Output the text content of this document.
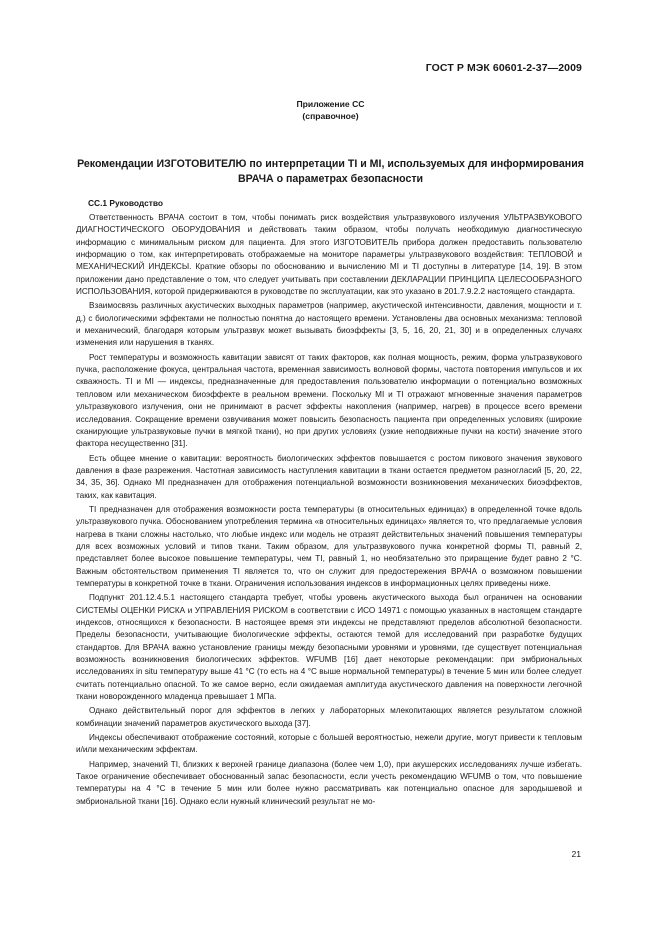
ГОСТ Р МЭК 60601-2-37—2009
Приложение СС
(справочное)
Рекомендации ИЗГОТОВИТЕЛЮ по интерпретации TI и MI, используемых для информирования ВРАЧА о параметрах безопасности
СС.1 Руководство

Ответственность ВРАЧА состоит в том, чтобы понимать риск воздействия ультразвукового излучения УЛЬТРАЗВУКОВОГО ДИАГНОСТИЧЕСКОГО ОБОРУДОВАНИЯ и действовать таким образом, чтобы получать необходимую диагностическую информацию с минимальным риском для пациента. Для этого ИЗГОТОВИТЕЛЬ прибора должен предоставить пользователю информацию о том, как интерпретировать отображаемые на мониторе параметры ультразвукового воздействия: ТЕПЛОВОЙ и МЕХАНИЧЕСКИЙ ИНДЕКСЫ. Краткие обзоры по обоснованию и вычислению MI и TI доступны в литературе [14, 19]. В этом приложении дано представление о том, что следует учитывать при составлении ДЕКЛАРАЦИИ ПРИНЦИПА ЦЕЛЕСООБРАЗНОГО ИСПОЛЬЗОВАНИЯ, которой придерживаются в руководстве по эксплуатации, как это указано в 201.7.9.2.2 настоящего стандарта.

Взаимосвязь различных акустических выходных параметров (например, акустической интенсивности, давления, мощности и т. д.) с биологическими эффектами не полностью понятна до настоящего времени. Установлены два основных механизма: тепловой и механический, благодаря которым ультразвук может вызывать биоэффекты [3, 5, 16, 20, 21, 30] и в определенных случаях изменения или нарушения в тканях.

Рост температуры и возможность кавитации зависят от таких факторов, как полная мощность, режим, форма ультразвукового пучка, расположение фокуса, центральная частота, временная зависимость волновой формы, частота повторения импульсов и их скважность. TI и MI — индексы, предназначенные для предоставления пользователю информации о потенциально возможных тепловом или механическом биоэффекте в реальном времени. Поскольку MI и TI отражают мгновенные значения параметров ультразвукового излучения, они не принимают в расчет эффекты накопления (например, нагрев) в процессе всего времени исследования. Сокращение времени озвучивания может повысить безопасность пациента при определенных условиях (широкие сканирующие ультразвуковые пучки в мягкой ткани), но при других условиях (узкие неподвижные пучки на кости) значение этого фактора несущественно [31].

Есть общее мнение о кавитации: вероятность биологических эффектов повышается с ростом пикового значения звукового давления в фазе разрежения. Частотная зависимость наступления кавитации в ткани остается предметом разногласий [5, 20, 22, 34, 35, 36]. Однако MI предназначен для отображения потенциальной возможности возникновения механических биоэффектов, таких, как кавитация.

TI предназначен для отображения возможности роста температуры (в относительных единицах) в определенной точке вдоль ультразвукового пучка. Обоснованием употребления термина «в относительных единицах» является то, что предлагаемые условия нагрева в ткани сложны настолько, что любые индекс или модель не отразят действительных значений повышения температуры для всех возможных условий и типов ткани. Таким образом, для ультразвукового пучка конкретной формы TI, равный 2, представляет более высокое повышение температуры, чем TI, равный 1, но необязательно это приращение будет равно 2 °С. Важным обстоятельством применения TI является то, что он служит для предостережения ВРАЧА о возможном повышении температуры в конкретной точке в ткани. Ограничения использования индексов в информационных целях приведены ниже.

Подпункт 201.12.4.5.1 настоящего стандарта требует, чтобы уровень акустического выхода был ограничен на основании СИСТЕМЫ ОЦЕНКИ РИСКА и УПРАВЛЕНИЯ РИСКОМ в соответствии с ИСО 14971 с помощью указанных в настоящем стандарте индексов, относящихся к безопасности. В настоящее время эти индексы не представляют пределов абсолютной безопасности. Пределы безопасности, учитывающие биологические эффекты, остаются темой для исследований при разработке будущих стандартов. Для ВРАЧА важно установление границы между безопасными уровнями и уровнями, где существует потенциальная возможность возникновения биологических эффектов. WFUMB [16] дает некоторые рекомендации: при эмбриональных исследованиях in situ температуру выше 41 °С (то есть на 4 °С выше нормальной температуры) в течение 5 мин или более следует считать потенциально опасной. То же самое верно, если ожидаемая амплитуда акустического давления на поверхности легочной ткани новорожденного младенца превышает 1 МПа.

Однако действительный порог для эффектов в легких у лабораторных млекопитающих является результатом сложной комбинации значений параметров акустического выхода [37].

Индексы обеспечивают отображение состояний, которые с большей вероятностью, нежели другие, могут привести к тепловым и/или механическим эффектам.

Например, значений TI, близких к верхней границе диапазона (более чем 1,0), при акушерских исследованиях лучше избегать. Такое ограничение обеспечивает обоснованный запас безопасности, если учесть рекомендацию WFUMB о том, что повышение температуры на 4 °С в течение 5 мин или более нужно рассматривать как потенциально опасное для зародышевой и эмбриональной ткани [16]. Однако если нужный клинический результат не мо-

21
